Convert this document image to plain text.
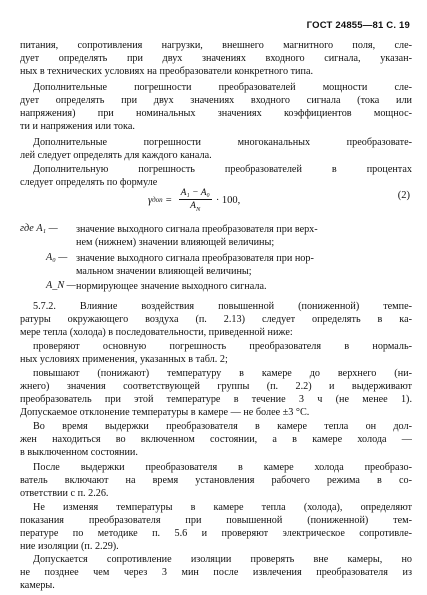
ГОСТ 24855—81 С. 19
питания, сопротивления нагрузки, внешнего магнитного поля, сле-
дует определять при двух значениях входного сигнала, указан-
ных в технических условиях на преобразователи конкретного типа.
Дополнительные погрешности преобразователей мощности сле-
дует определять при двух значениях входного сигнала (тока или
напряжения) при номинальных значениях коэффициентов мощнос-
ти и напряжения или тока.
Дополнительные погрешности многоканальных преобразовате-
лей следует определять для каждого канала.
Дополнительную погрешность преобразователей в процентах
следует определять по формуле
γ доп = $\frac{\text{A₁ − A₀}}{A_N} \cdot 100$,	(2)
где A₁ — значение выходного сигнала преобразователя при верх-
нем (нижнем) значении влияющей величины;
A₀ — значение выходного сигнала преобразователя при нор-
мальном значении влияющей величины;
A_N — нормирующее значение выходного сигнала.
5.7.2. Влияние воздействия повышенной (пониженной) темпе-
ратуры окружающего воздуха (п. 2.13) следует определять в ка-
мере тепла (холода) в последовательности, приведенной ниже:
проверяют основную погрешность преобразователя в нормаль-
ных условиях применения, указанных в табл. 2;
повышают (понижают) температуру в камере до верхнего (ни-
жнего) значения соответствующей группы (п. 2.2) и выдерживают
преобразователь при этой температуре в течение 3 ч (не менее 1).
Допускаемое отклонение температуры в камере — не более ±3 °С.
Во время выдержки преобразователя в камере тепла он дол-
жен находиться во включенном состоянии, а в камере холода —
в выключенном состоянии.
После выдержки преобразователя в камере холода преобразо-
ватель включают на время установления рабочего режима в со-
ответствии с п. 2.26.
Не изменяя температуры в камере тепла (холода), определяют
показания преобразователя при повышенной (пониженной) тем-
пературе по методике п. 5.6 и проверяют электрическое сопротивле-
ние изоляции (п. 2.29).
Допускается сопротивление изоляции проверять вне камеры, но
не позднее чем через 3 мин после извлечения преобразователя из
камеры.
